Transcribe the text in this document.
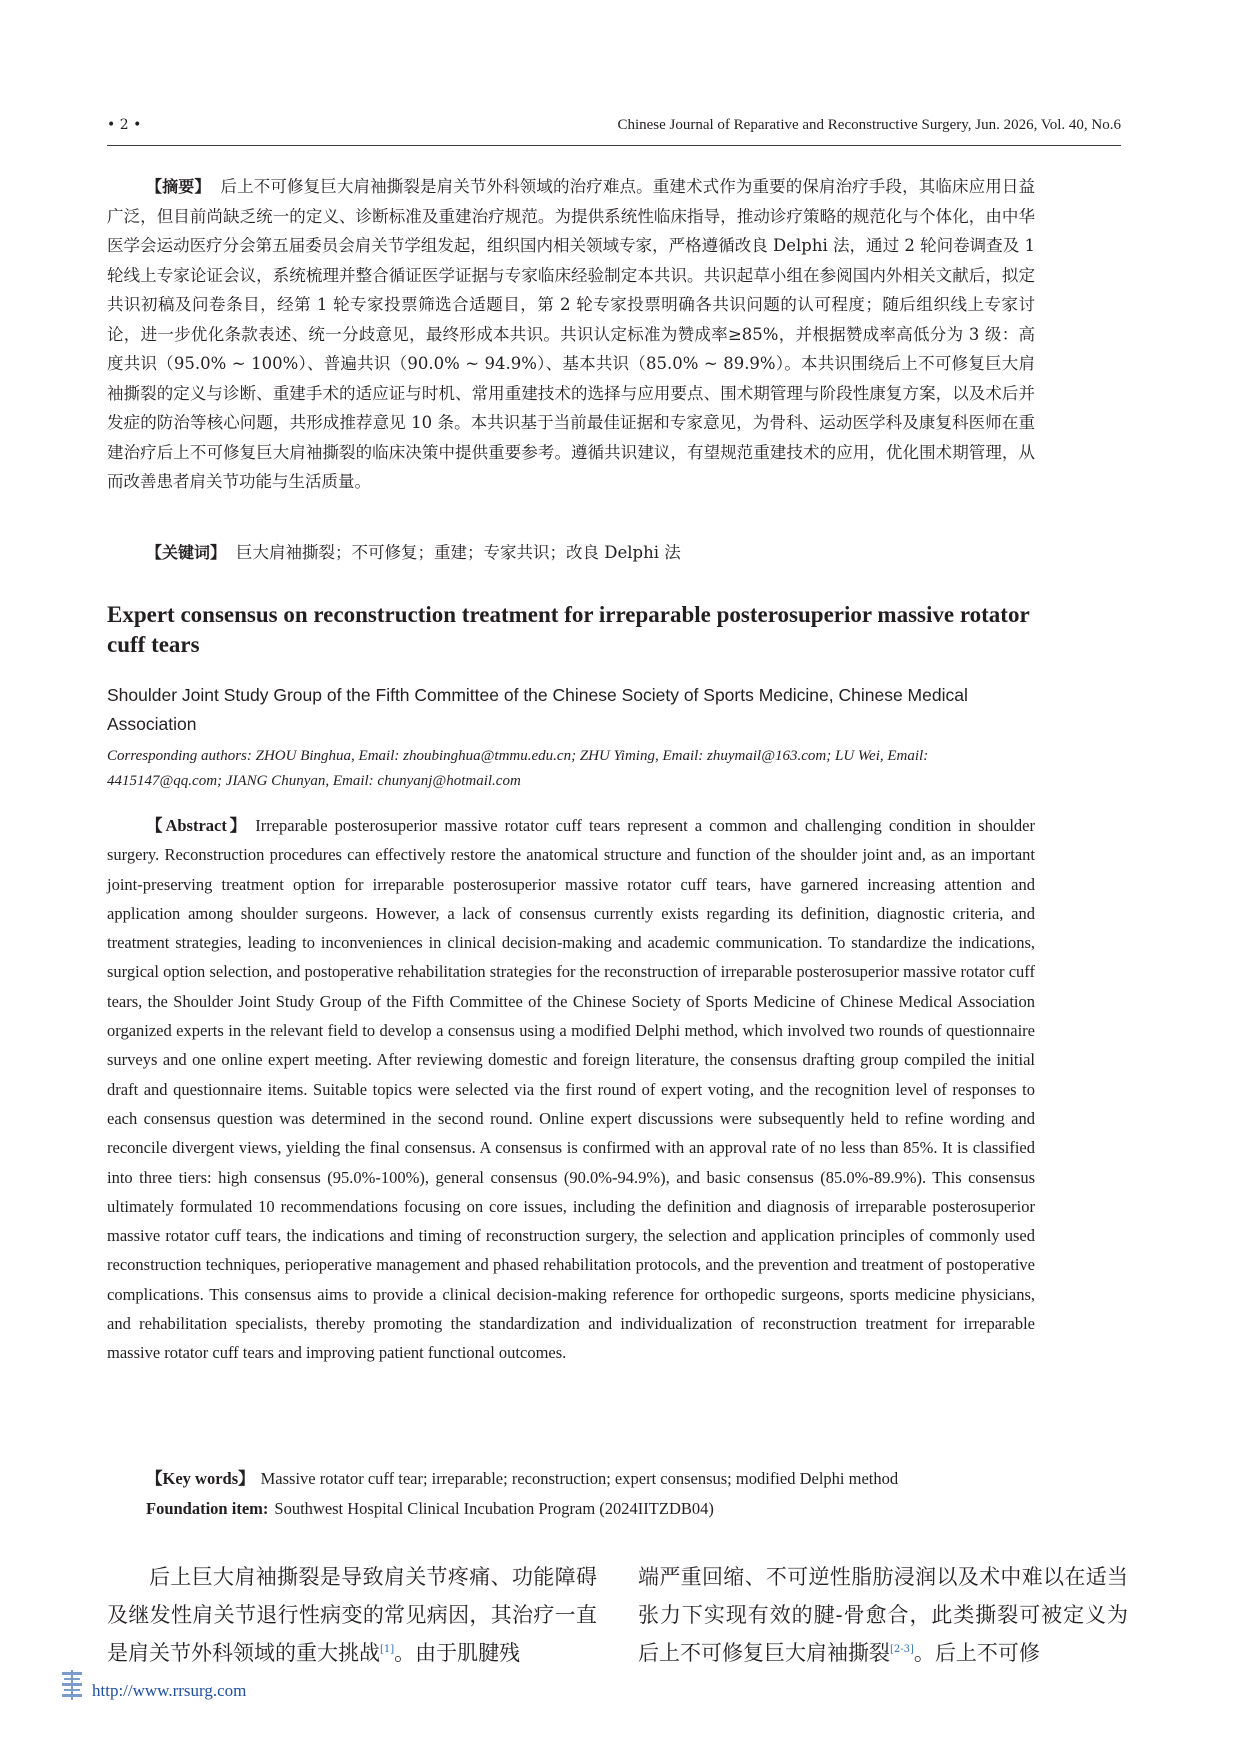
• 2 •	Chinese Journal of Reparative and Reconstructive Surgery, Jun. 2026, Vol. 40, No.6
【摘要】 后上不可修复巨大肩袖撕裂是肩关节外科领域的治疗难点。重建术式作为重要的保肩治疗手段，其临床应用日益广泛，但目前尚缺乏统一的定义、诊断标准及重建治疗规范。为提供系统性临床指导，推动诊疗策略的规范化与个体化，由中华医学会运动医疗分会第五届委员会肩关节学组发起，组织国内相关领域专家，严格遵循改良 Delphi 法，通过 2 轮问卷调查及 1 轮线上专家论证会议，系统梳理并整合循证医学证据与专家临床经验制定本共识。共识起草小组在参阅国内外相关文献后，拟定共识初稿及问卷条目，经第 1 轮专家投票筛选合适题目，第 2 轮专家投票明确各共识问题的认可程度；随后组织线上专家讨论，进一步优化条款表述、统一分歧意见，最终形成本共识。共识认定标准为赞成率≥85%，并根据赞成率高低分为 3 级：高度共识（95.0% ~ 100%）、普遍共识（90.0% ~ 94.9%）、基本共识（85.0% ~ 89.9%）。本共识围绕后上不可修复巨大肩袖撕裂的定义与诊断、重建手术的适应证与时机、常用重建技术的选择与应用要点、围术期管理与阶段性康复方案，以及术后并发症的防治等核心问题，共形成推荐意见 10 条。本共识基于当前最佳证据和专家意见，为骨科、运动医学科及康复科医师在重建治疗后上不可修复巨大肩袖撕裂的临床决策中提供重要参考。遵循共识建议，有望规范重建技术的应用，优化围术期管理，从而改善患者肩关节功能与生活质量。
【关键词】 巨大肩袖撕裂；不可修复；重建；专家共识；改良 Delphi 法
Expert consensus on reconstruction treatment for irreparable posterosuperior massive rotator cuff tears
Shoulder Joint Study Group of the Fifth Committee of the Chinese Society of Sports Medicine, Chinese Medical Association
Corresponding authors: ZHOU Binghua, Email: zhoubinghua@tmmu.edu.cn; ZHU Yiming, Email: zhuymail@163.com; LU Wei, Email: 4415147@qq.com; JIANG Chunyan, Email: chunyanj@hotmail.com
【Abstract】 Irreparable posterosuperior massive rotator cuff tears represent a common and challenging condition in shoulder surgery. Reconstruction procedures can effectively restore the anatomical structure and function of the shoulder joint and, as an important joint-preserving treatment option for irreparable posterosuperior massive rotator cuff tears, have garnered increasing attention and application among shoulder surgeons. However, a lack of consensus currently exists regarding its definition, diagnostic criteria, and treatment strategies, leading to inconveniences in clinical decision-making and academic communication. To standardize the indications, surgical option selection, and postoperative rehabilitation strategies for the reconstruction of irreparable posterosuperior massive rotator cuff tears, the Shoulder Joint Study Group of the Fifth Committee of the Chinese Society of Sports Medicine of Chinese Medical Association organized experts in the relevant field to develop a consensus using a modified Delphi method, which involved two rounds of questionnaire surveys and one online expert meeting. After reviewing domestic and foreign literature, the consensus drafting group compiled the initial draft and questionnaire items. Suitable topics were selected via the first round of expert voting, and the recognition level of responses to each consensus question was determined in the second round. Online expert discussions were subsequently held to refine wording and reconcile divergent views, yielding the final consensus. A consensus is confirmed with an approval rate of no less than 85%. It is classified into three tiers: high consensus (95.0%-100%), general consensus (90.0%-94.9%), and basic consensus (85.0%-89.9%). This consensus ultimately formulated 10 recommendations focusing on core issues, including the definition and diagnosis of irreparable posterosuperior massive rotator cuff tears, the indications and timing of reconstruction surgery, the selection and application principles of commonly used reconstruction techniques, perioperative management and phased rehabilitation protocols, and the prevention and treatment of postoperative complications. This consensus aims to provide a clinical decision-making reference for orthopedic surgeons, sports medicine physicians, and rehabilitation specialists, thereby promoting the standardization and individualization of reconstruction treatment for irreparable massive rotator cuff tears and improving patient functional outcomes.
【Key words】 Massive rotator cuff tear; irreparable; reconstruction; expert consensus; modified Delphi method
Foundation item: Southwest Hospital Clinical Incubation Program (2024IITZDB04)
后上巨大肩袖撕裂是导致肩关节疼痛、功能障碍及继发性肩关节退行性病变的常见病因，其治疗一直是肩关节外科领域的重大挑战[1]。由于肌腱残
端严重回缩、不可逆性脂肪浸润以及术中难以在适当张力下实现有效的腱-骨愈合，此类撕裂可被定义为后上不可修复巨大肩袖撕裂[2-3]。后上不可修
http://www.rrsurg.com
